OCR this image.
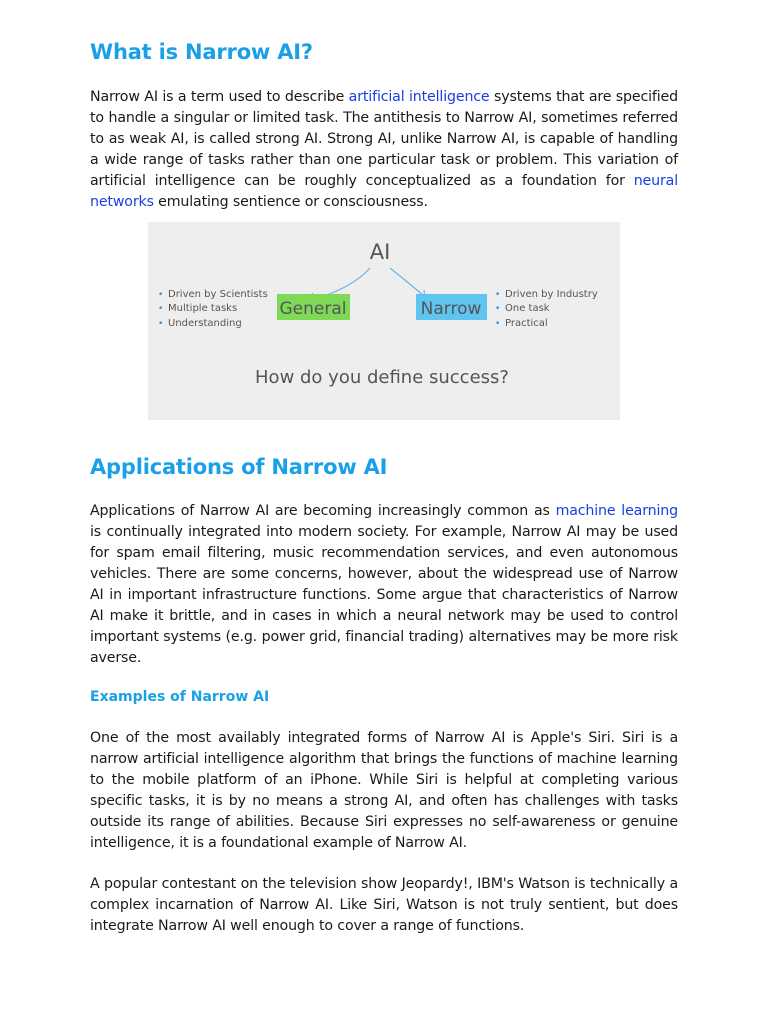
What is Narrow AI?

Narrow AI is a term used to describe artificial intelligence systems that are specified to handle a singular or limited task. The antithesis to Narrow AI, sometimes referred to as weak AI, is called strong AI. Strong AI, unlike Narrow AI, is capable of handling a wide range of tasks rather than one particular task or problem. This variation of artificial intelligence can be roughly conceptualized as a foundation for neural networks emulating sentience or consciousness.

AI
General	Narrow
• Driven by Scientists
• Multiple tasks
• Understanding
• Driven by Industry
• One task
• Practical
How do you define success?
Applications of Narrow AI

Applications of Narrow AI are becoming increasingly common as machine learning is continually integrated into modern society. For example, Narrow AI may be used for spam email filtering, music recommendation services, and even autonomous vehicles. There are some concerns, however, about the widespread use of Narrow AI in important infrastructure functions. Some argue that characteristics of Narrow AI make it brittle, and in cases in which a neural network may be used to control important systems (e.g. power grid, financial trading) alternatives may be more risk averse.

Examples of Narrow AI

One of the most availably integrated forms of Narrow AI is Apple's Siri. Siri is a narrow artificial intelligence algorithm that brings the functions of machine learning to the mobile platform of an iPhone. While Siri is helpful at completing various specific tasks, it is by no means a strong AI, and often has challenges with tasks outside its range of abilities. Because Siri expresses no self-awareness or genuine intelligence, it is a foundational example of Narrow AI.

A popular contestant on the television show Jeopardy!, IBM's Watson is technically a complex incarnation of Narrow AI. Like Siri, Watson is not truly sentient, but does integrate Narrow AI well enough to cover a range of functions.
